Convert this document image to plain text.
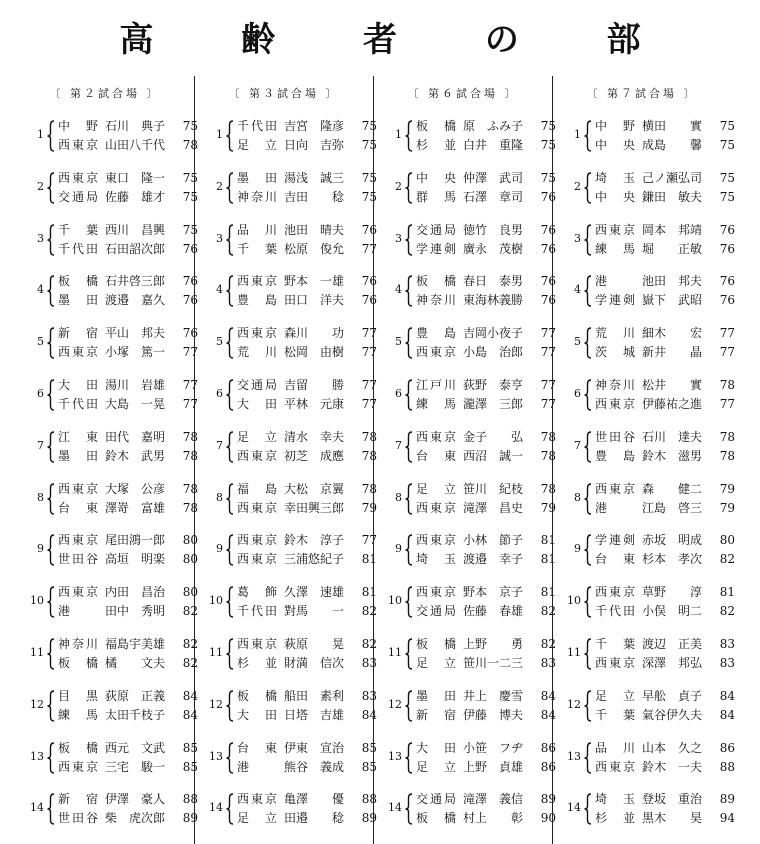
高 齢 者 の 部
〔 第２試合場 〕
1
中　野 石川　典子 75
西東京 山田八千代 78
2
西東京 東口　隆一 75
交通局 佐藤　雄才 75
3
千　葉 西川　昌興 75
千代田 石田詔次郎 76
4
板　橋 石井啓三郎 76
墨　田 渡邉　嘉久 76
5
新　宿 平山　邦夫 76
西東京 小塚　篤一 77
6
大　田 湯川　岩雄 77
千代田 大島　一晃 77
7
江　東 田代　嘉明 78
墨　田 鈴木　武男 78
8
西東京 大塚　公彦 78
台　東 澤嵜　富雄 78
9
西東京 尾田鴻一郎 80
世田谷 高垣　明楽 80
10
西東京 内田　昌治 80
港	田中　秀明 82
11
神奈川 福島宇美雄 82
板　橋 橘　　文夫 82
12
目　黒 荻原　正義 84
練　馬 太田千枝子 84
13
板　橋 西元　文武 85
西東京 三宅　駿一 85
14
新　宿 伊澤　豪人 88
世田谷 柴　虎次郎 89
〔 第３試合場 〕
1
千代田 吉宮　隆彦 75
足　立 日向　吉弥 75
2
墨　田 湯浅　誠三 75
神奈川 吉田　　稔 75
3
品　川 池田　晴夫 76
千　葉 松原　俊允 77
4
西東京 野本　一雄 76
豊　島 田口　洋夫 76
5
西東京 森川　　功 77
荒　川 松岡　由樹 77
6
交通局 吉留　　勝 77
大　田 平林　元康 77
7
足　立 清水　幸夫 78
西東京 初芝　成應 78
8
福　島 大松　京翼 78
西東京 幸田興三郎 79
9
西東京 鈴木　淳子 77
西東京 三浦悠紀子 81
10
葛　飾 久澤　速雄 81
千代田 對馬　　一 82
11
西東京 萩原　　晃 82
杉　並 財満　信次 83
12
板　橋 船田　素利 83
大　田 日塔　吉雄 84
13
台　東 伊東　宣治 85
港	熊谷　義成 85
14
西東京 亀澤　　優 88
足　立 田邉　　稔 89
〔 第６試合場 〕
1
板　橋 原　ふみ子 75
杉　並 白井　重隆 75
2
中　央 仲澤　武司 75
群　馬 石澤　章司 76
3
交通局 徳竹　良男 76
学連剣 廣永　茂樹 76
4
板　橋 春日　泰男 76
神奈川 東海林義勝 76
5
豊　島 吉岡小夜子 77
西東京 小島　治郎 77
6
江戸川 荻野　泰亨 77
練　馬 瀧澤　三郎 77
7
西東京 金子　　弘 78
台　東 西沼　誠一 78
8
足　立 笹川　紀枝 78
西東京 滝澤　昌史 79
9
西東京 小林　節子 81
埼　玉 渡邉　幸子 81
10
西東京 野本　京子 81
交通局 佐藤　春雄 82
11
板　橋 上野　　勇 82
足　立 笹川一二三 83
12
墨　田 井上　慶雪 84
新　宿 伊藤　博夫 84
13
大　田 小笹　フヂ 86
足　立 上野　貞雄 86
14
交通局 滝澤　義信 89
板　橋 村上　　彰 90
〔 第７試合場 〕
1
中　野 横田　　實 75
中　央 成島　　馨 75
2
埼　玉 己ノ瀬弘司 75
中　央 鎌田　敏夫 75
3
西東京 岡本　邦靖 76
練　馬 堀　　正敏 76
4
港	池田　邦夫 76
学連剣 嶽下　武昭 76
5
荒　川 細木　　宏 77
茨　城 新井　　晶 77
6
神奈川 松井　　實 78
西東京 伊藤祐之進 77
7
世田谷 石川　達夫 78
豊　島 鈴木　滋男 78
8
西東京 森　　健二 79
港	江島　啓三 79
9
学連剣 赤坂　明成 80
台　東 杉本　孝次 82
10
西東京 草野　　淳 81
千代田 小俣　明二 82
11
千　葉 渡辺　正美 83
西東京 深澤　邦弘 83
12
足　立 早舩　貞子 84
千　葉 氣谷伊久夫 84
13
品　川 山本　久之 86
西東京 鈴木　一夫 88
14
埼　玉 登坂　重治 89
杉　並 黒木　　昊 94
